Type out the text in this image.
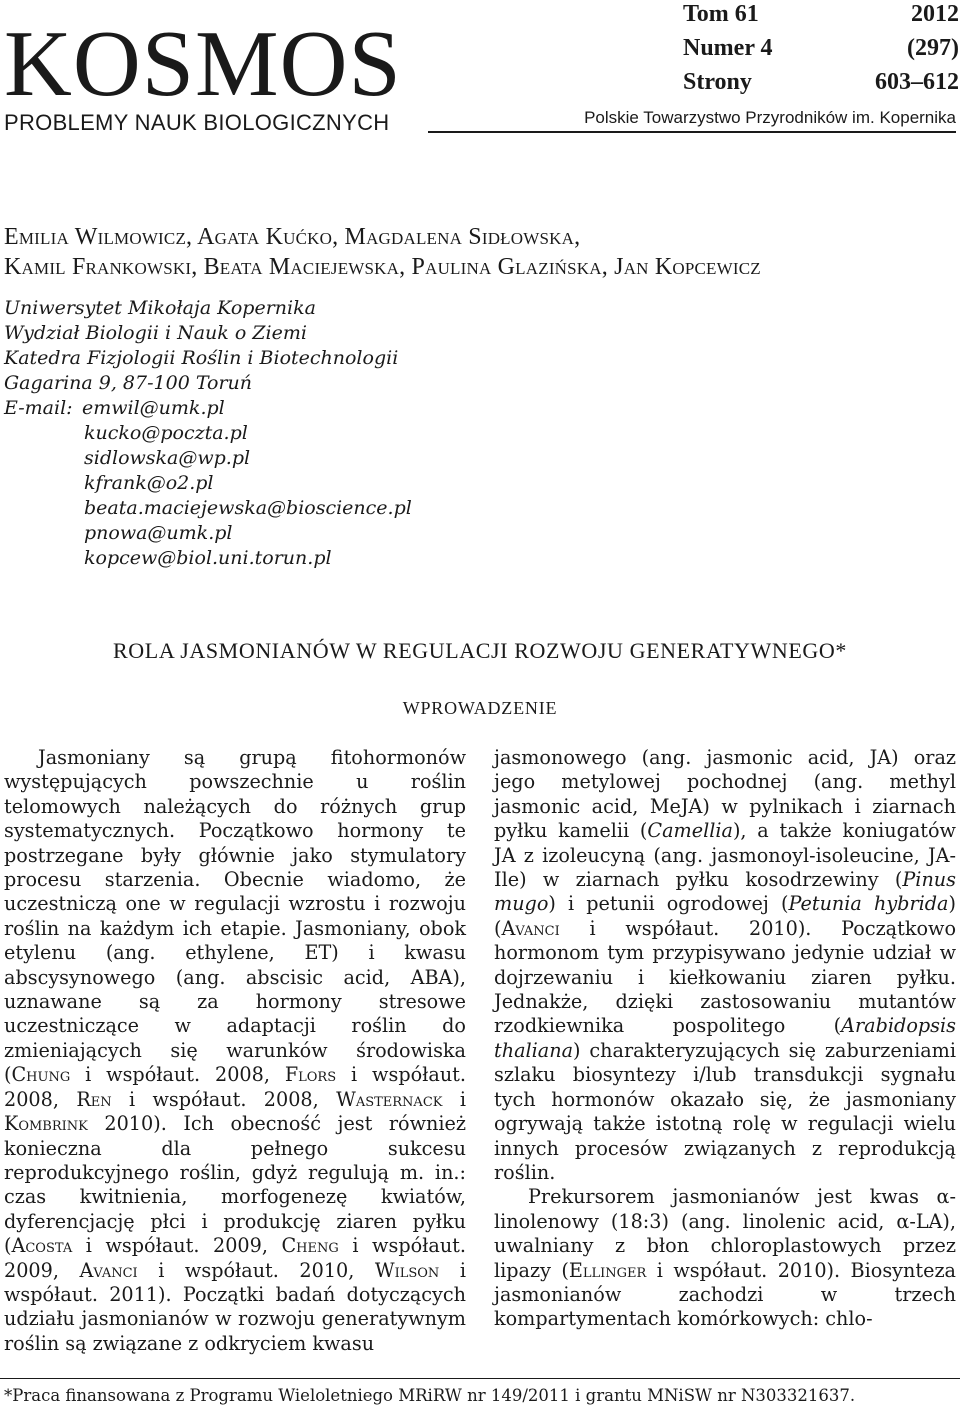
KOSMOS
PROBLEMY NAUK BIOLOGICZNYCH
Tom 61	2012
Numer 4	(297)
Strony	603–612
Polskie Towarzystwo Przyrodników im. Kopernika
Emilia Wilmowicz, Agata Kućko, Magdalena Sidłowska,
Kamil Frankowski, Beata Maciejewska, Paulina Glazińska, Jan Kopcewicz
Uniwersytet Mikołaja Kopernika
Wydział Biologii i Nauk o Ziemi
Katedra Fizjologii Roślin i Biotechnologii
Gagarina 9, 87-100 Toruń
E-mail: emwil@umk.pl
kucko@poczta.pl
sidlowska@wp.pl
kfrank@o2.pl
beata.maciejewska@bioscience.pl
pnowa@umk.pl
kopcew@biol.uni.torun.pl
ROLA JASMONIANÓW W REGULACJI ROZWOJU GENERATYWNEGO*
WPROWADZENIE

Jasmoniany są grupą fitohormonów występujących powszechnie u roślin telomowych należących do różnych grup systematycznych. Początkowo hormony te postrzegane były głównie jako stymulatory procesu starzenia. Obecnie wiadomo, że uczestniczą one w regulacji wzrostu i rozwoju roślin na każdym ich etapie. Jasmoniany, obok etylenu (ang. ethylene, ET) i kwasu abscysynowego (ang. abscisic acid, ABA), uznawane są za hormony stresowe uczestniczące w adaptacji roślin do zmieniających się warunków środowiska (Chung i współaut. 2008, Flors i współaut. 2008, Ren i współaut. 2008, Wasternack i Kombrink 2010). Ich obecność jest również konieczna dla pełnego sukcesu reprodukcyjnego roślin, gdyż regulują m. in.: czas kwitnienia, morfogenezę kwiatów, dyferencjację płci i produkcję ziaren pyłku (Acosta i współaut. 2009, Cheng i współaut. 2009, Avanci i współaut. 2010, Wilson i współaut. 2011). Początki badań dotyczących udziału jasmonianów w rozwoju generatywnym roślin są związane z odkryciem kwasu

jasmonowego (ang. jasmonic acid, JA) oraz jego metylowej pochodnej (ang. methyl jasmonic acid, MeJA) w pylnikach i ziarnach pyłku kamelii (Camellia), a także koniugatów JA z izoleucyną (ang. jasmonoyl-isoleucine, JA-Ile) w ziarnach pyłku kosodrzewiny (Pinus mugo) i petunii ogrodowej (Petunia hybrida) (Avanci i współaut. 2010). Początkowo hormonom tym przypisywano jedynie udział w dojrzewaniu i kiełkowaniu ziaren pyłku. Jednakże, dzięki zastosowaniu mutantów rzodkiewnika pospolitego (Arabidopsis thaliana) charakteryzujących się zaburzeniami szlaku biosyntezy i/lub transdukcji sygnału tych hormonów okazało się, że jasmoniany ogrywają także istotną rolę w regulacji wielu innych procesów związanych z reprodukcją roślin.

Prekursorem jasmonianów jest kwas α-linolenowy (18:3) (ang. linolenic acid, α-LA), uwalniany z błon chloroplastowych przez lipazy (Ellinger i współaut. 2010). Biosynteza jasmonianów zachodzi w trzech kompartymentach komórkowych: chlo-

*Praca finansowana z Programu Wieloletniego MRiRW nr 149/2011 i grantu MNiSW nr N303321637.
